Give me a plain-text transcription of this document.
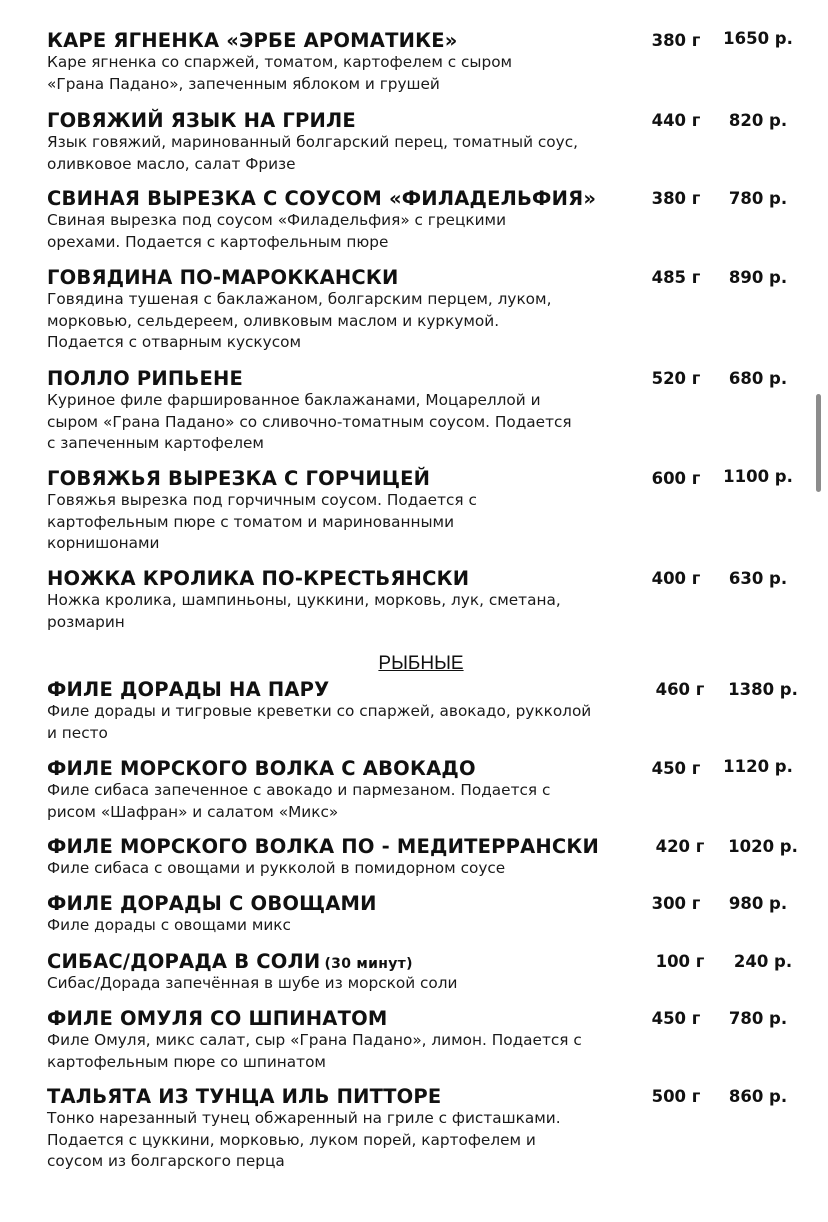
РЫБНЫЕ
КАРЕ ЯГНЕНКА «ЭРБЕ АРОМАТИКЕ»	380 г	1650 р.
Каре ягненка со спаржей, томатом, картофелем с сыром
«Грана Падано», запеченным яблоком и грушей
ГОВЯЖИЙ ЯЗЫК НА ГРИЛЕ	440 г	820 р.
Язык говяжий, маринованный болгарский перец, томатный соус,
оливковое масло, салат Фризе
СВИНАЯ ВЫРЕЗКА С СОУСОМ «ФИЛАДЕЛЬФИЯ»	380 г	780 р.
Свиная вырезка под соусом «Филадельфия» с грецкими
орехами. Подается с картофельным пюре
ГОВЯДИНА ПО-МАРОККАНСКИ	485 г	890 р.
Говядина тушеная с баклажаном, болгарским перцем, луком,
морковью, сельдереем, оливковым маслом и куркумой.
Подается с отварным кускусом
ПОЛЛО РИПЬЕНЕ	520 г	680 р.
Куриное филе фаршированное баклажанами, Моцареллой и
сыром «Грана Падано» со сливочно-томатным соусом. Подается
с запеченным картофелем
ГОВЯЖЬЯ ВЫРЕЗКА С ГОРЧИЦЕЙ	600 г	1100 р.
Говяжья вырезка под горчичным соусом. Подается с
картофельным пюре с томатом и маринованными
корнишонами
НОЖКА КРОЛИКА ПО-КРЕСТЬЯНСКИ	400 г	630 р.
Ножка кролика, шампиньоны, цуккини, морковь, лук, сметана,
розмарин
ФИЛЕ ДОРАДЫ НА ПАРУ	460 г	1380 р.
Филе дорады и тигровые креветки со спаржей, авокадо, рукколой
и песто
ФИЛЕ МОРСКОГО ВОЛКА С АВОКАДО	450 г	1120 р.
Филе сибаса запеченное с авокадо и пармезаном. Подается с
рисом «Шафран» и салатом «Микс»
ФИЛЕ МОРСКОГО ВОЛКА ПО - МЕДИТЕРРАНСКИ	420 г	1020 р.
Филе сибаса с овощами и рукколой в помидорном соусе
ФИЛЕ ДОРАДЫ С ОВОЩАМИ	300 г	980 р.
Филе дорады с овощами микс
СИБАС/ДОРАДА В СОЛИ (30 минут)	100 г	240 р.
Сибас/Дорада запечённая в шубе из морской соли
ФИЛЕ ОМУЛЯ СО ШПИНАТОМ	450 г	780 р.
Филе Омуля, микс салат, сыр «Грана Падано», лимон. Подается с
картофельным пюре со шпинатом
ТАЛЬЯТА ИЗ ТУНЦА ИЛЬ ПИТТОРЕ	500 г	860 р.
Тонко нарезанный тунец обжаренный на гриле с фисташками.
Подается с цуккини, морковью, луком порей, картофелем и
соусом из болгарского перца
